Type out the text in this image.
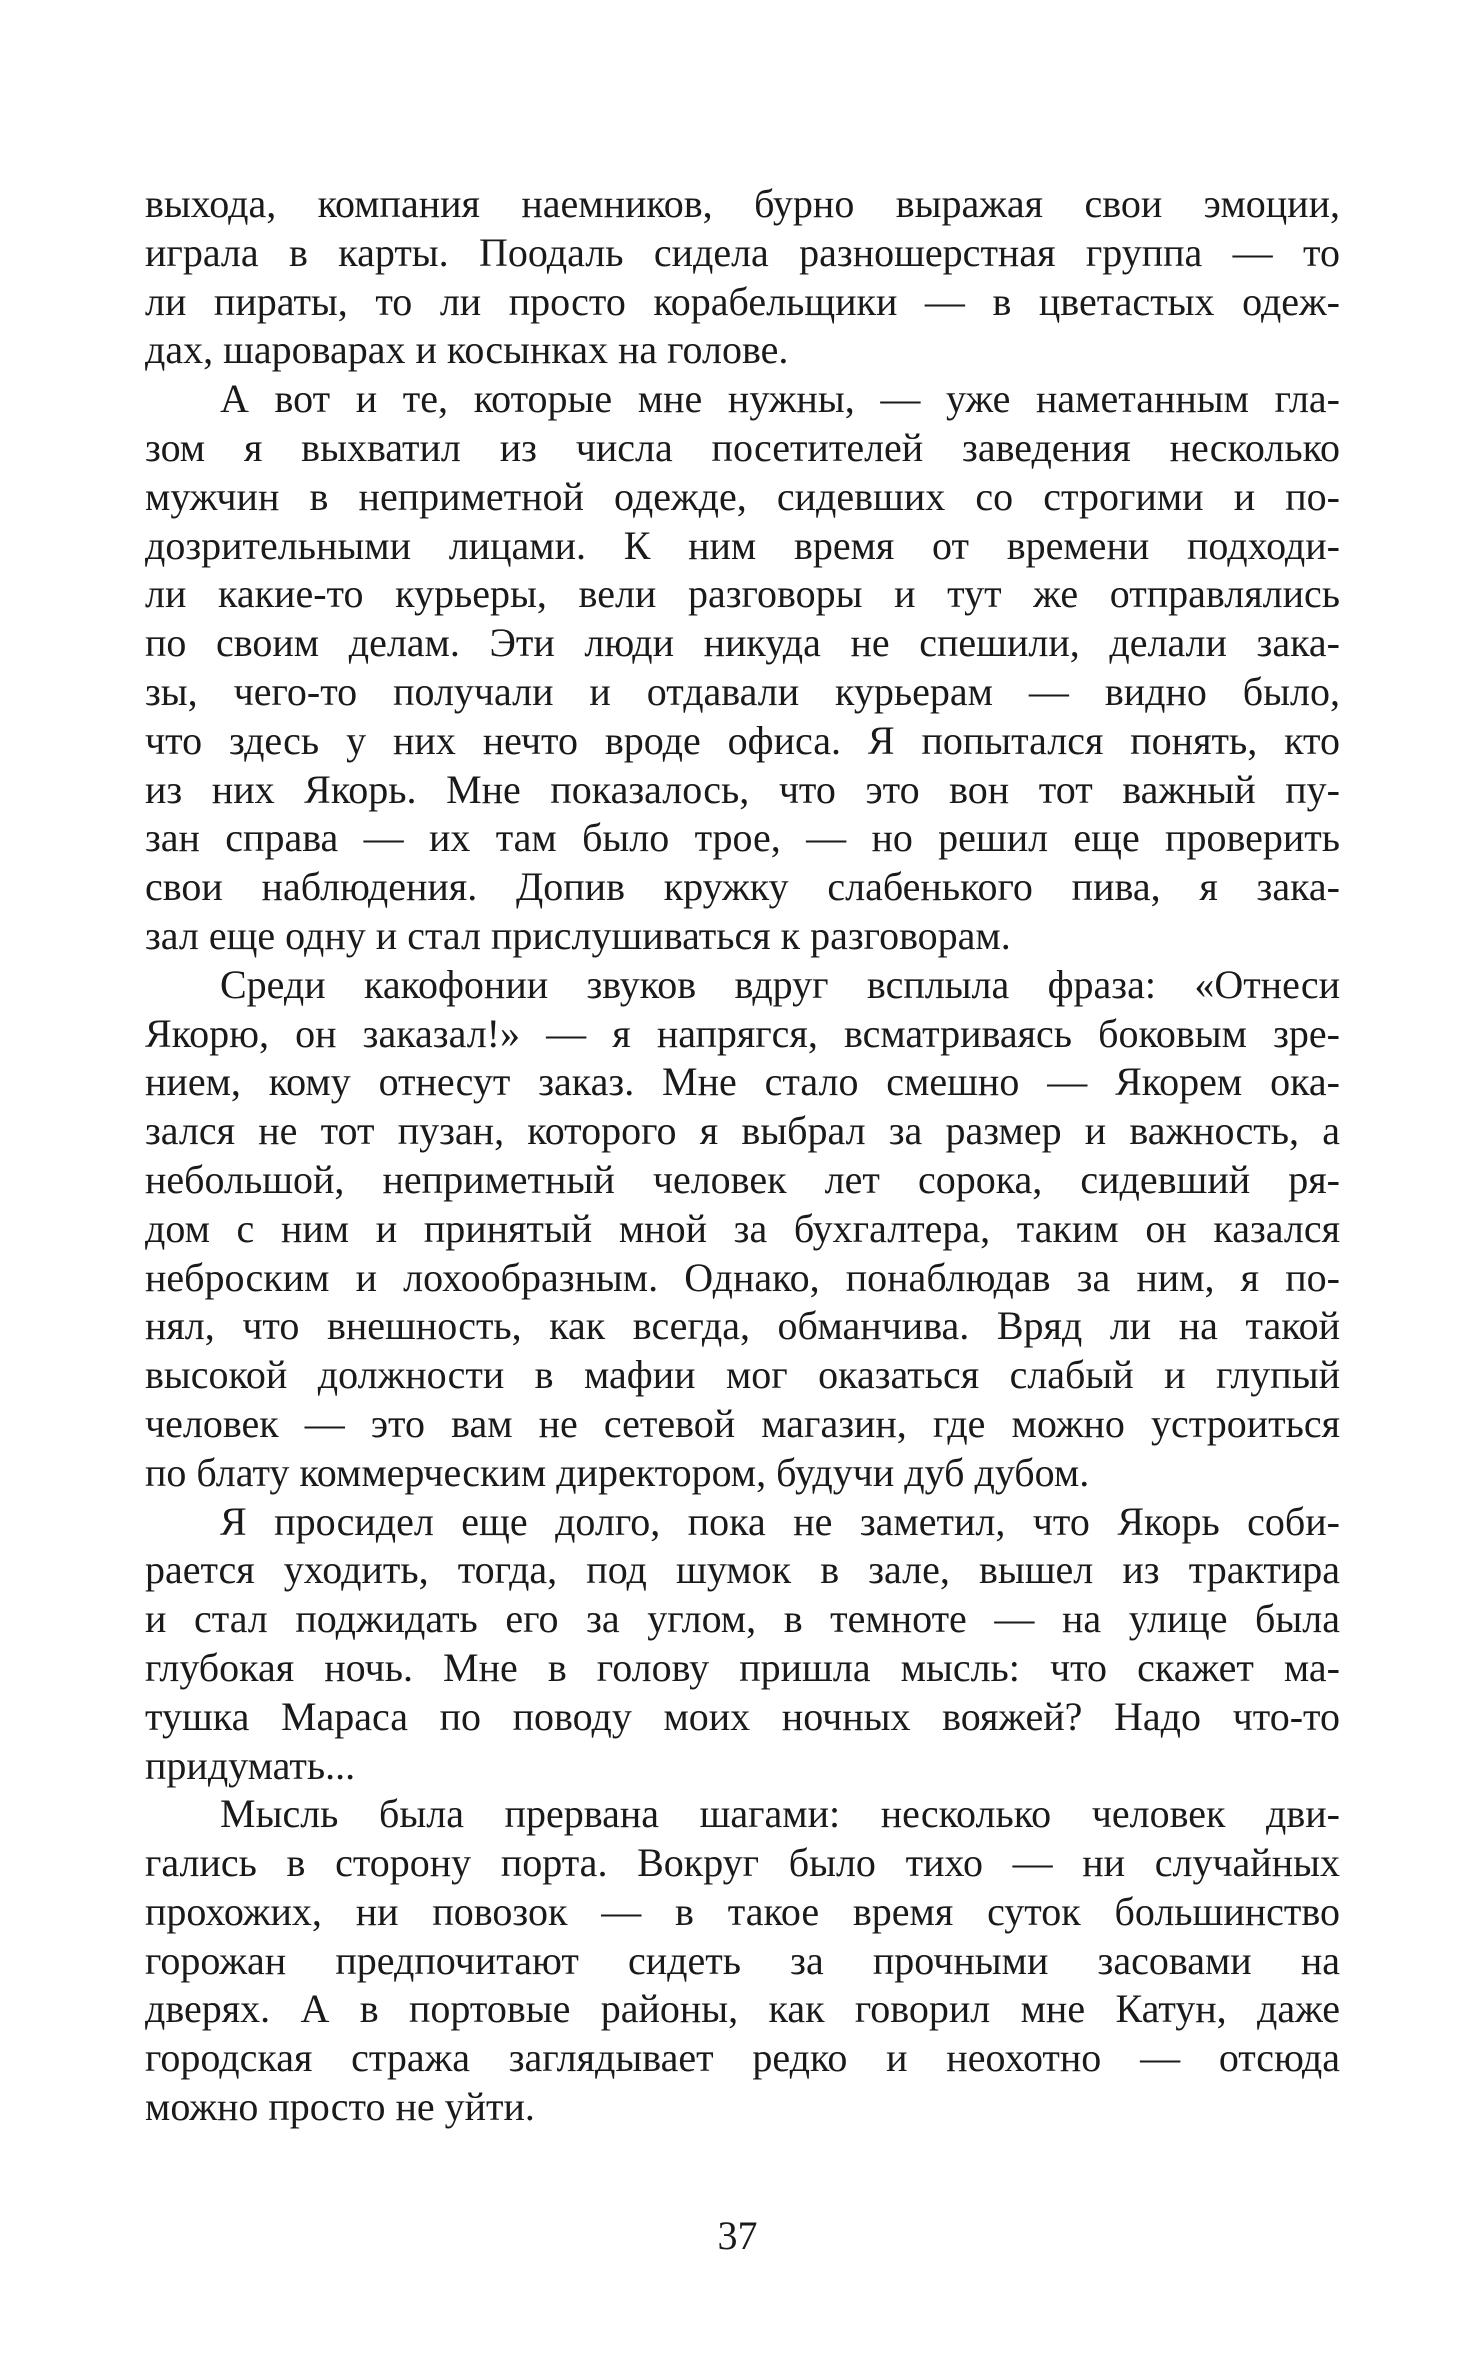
выхода, компания наемников, бурно выражая свои эмоции,
играла в карты. Поодаль сидела разношерстная группа — то
ли пираты, то ли просто корабельщики — в цветастых одеж-
дах, шароварах и косынках на голове.
А вот и те, которые мне нужны, — уже наметанным гла-
зом я выхватил из числа посетителей заведения несколько
мужчин в неприметной одежде, сидевших со строгими и по-
дозрительными лицами. К ним время от времени подходи-
ли какие-то курьеры, вели разговоры и тут же отправлялись
по своим делам. Эти люди никуда не спешили, делали зака-
зы, чего-то получали и отдавали курьерам — видно было,
что здесь у них нечто вроде офиса. Я попытался понять, кто
из них Якорь. Мне показалось, что это вон тот важный пу-
зан справа — их там было трое, — но решил еще проверить
свои наблюдения. Допив кружку слабенького пива, я зака-
зал еще одну и стал прислушиваться к разговорам.
Среди какофонии звуков вдруг всплыла фраза: «Отнеси
Якорю, он заказал!» — я напрягся, всматриваясь боковым зре-
нием, кому отнесут заказ. Мне стало смешно — Якорем ока-
зался не тот пузан, которого я выбрал за размер и важность, а
небольшой, неприметный человек лет сорока, сидевший ря-
дом с ним и принятый мной за бухгалтера, таким он казался
неброским и лохообразным. Однако, понаблюдав за ним, я по-
нял, что внешность, как всегда, обманчива. Вряд ли на такой
высокой должности в мафии мог оказаться слабый и глупый
человек — это вам не сетевой магазин, где можно устроиться
по блату коммерческим директором, будучи дуб дубом.
Я просидел еще долго, пока не заметил, что Якорь соби-
рается уходить, тогда, под шумок в зале, вышел из трактира
и стал поджидать его за углом, в темноте — на улице была
глубокая ночь. Мне в голову пришла мысль: что скажет ма-
тушка Мараса по поводу моих ночных вояжей? Надо что-то
придумать...
Мысль была прервана шагами: несколько человек дви-
гались в сторону порта. Вокруг было тихо — ни случайных
прохожих, ни повозок — в такое время суток большинство
горожан предпочитают сидеть за прочными засовами на
дверях. А в портовые районы, как говорил мне Катун, даже
городская стража заглядывает редко и неохотно — отсюда
можно просто не уйти.
37
